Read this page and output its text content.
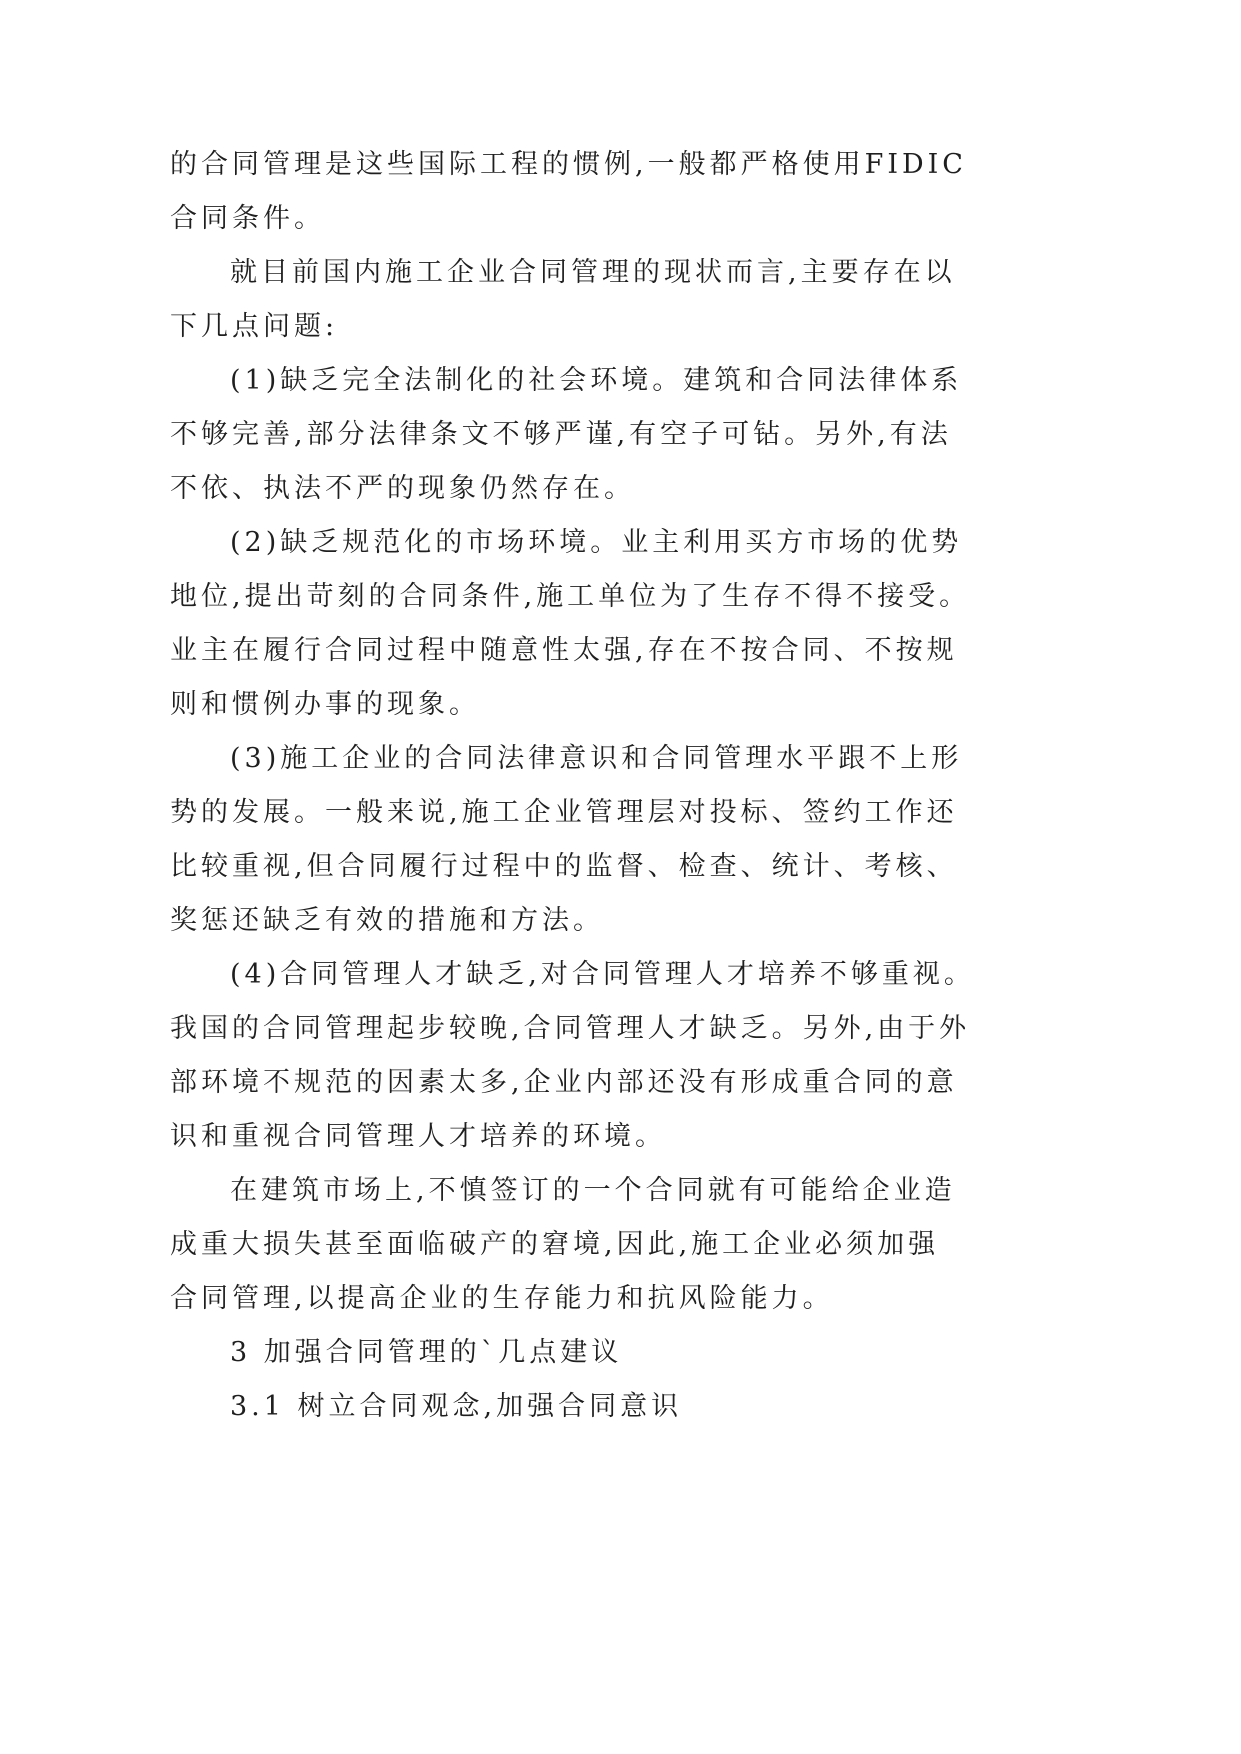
的合同管理是这些国际工程的惯例,一般都严格使用FIDIC

合同条件。

就目前国内施工企业合同管理的现状而言,主要存在以

下几点问题:

(1)缺乏完全法制化的社会环境。建筑和合同法律体系

不够完善,部分法律条文不够严谨,有空子可钻。另外,有法

不依、执法不严的现象仍然存在。

(2)缺乏规范化的市场环境。业主利用买方市场的优势

地位,提出苛刻的合同条件,施工单位为了生存不得不接受。

业主在履行合同过程中随意性太强,存在不按合同、不按规

则和惯例办事的现象。

(3)施工企业的合同法律意识和合同管理水平跟不上形

势的发展。一般来说,施工企业管理层对投标、签约工作还

比较重视,但合同履行过程中的监督、检查、统计、考核、

奖惩还缺乏有效的措施和方法。

(4)合同管理人才缺乏,对合同管理人才培养不够重视。

我国的合同管理起步较晚,合同管理人才缺乏。另外,由于外

部环境不规范的因素太多,企业内部还没有形成重合同的意

识和重视合同管理人才培养的环境。

在建筑市场上,不慎签订的一个合同就有可能给企业造

成重大损失甚至面临破产的窘境,因此,施工企业必须加强

合同管理,以提高企业的生存能力和抗风险能力。

3 加强合同管理的`几点建议

3.1 树立合同观念,加强合同意识
